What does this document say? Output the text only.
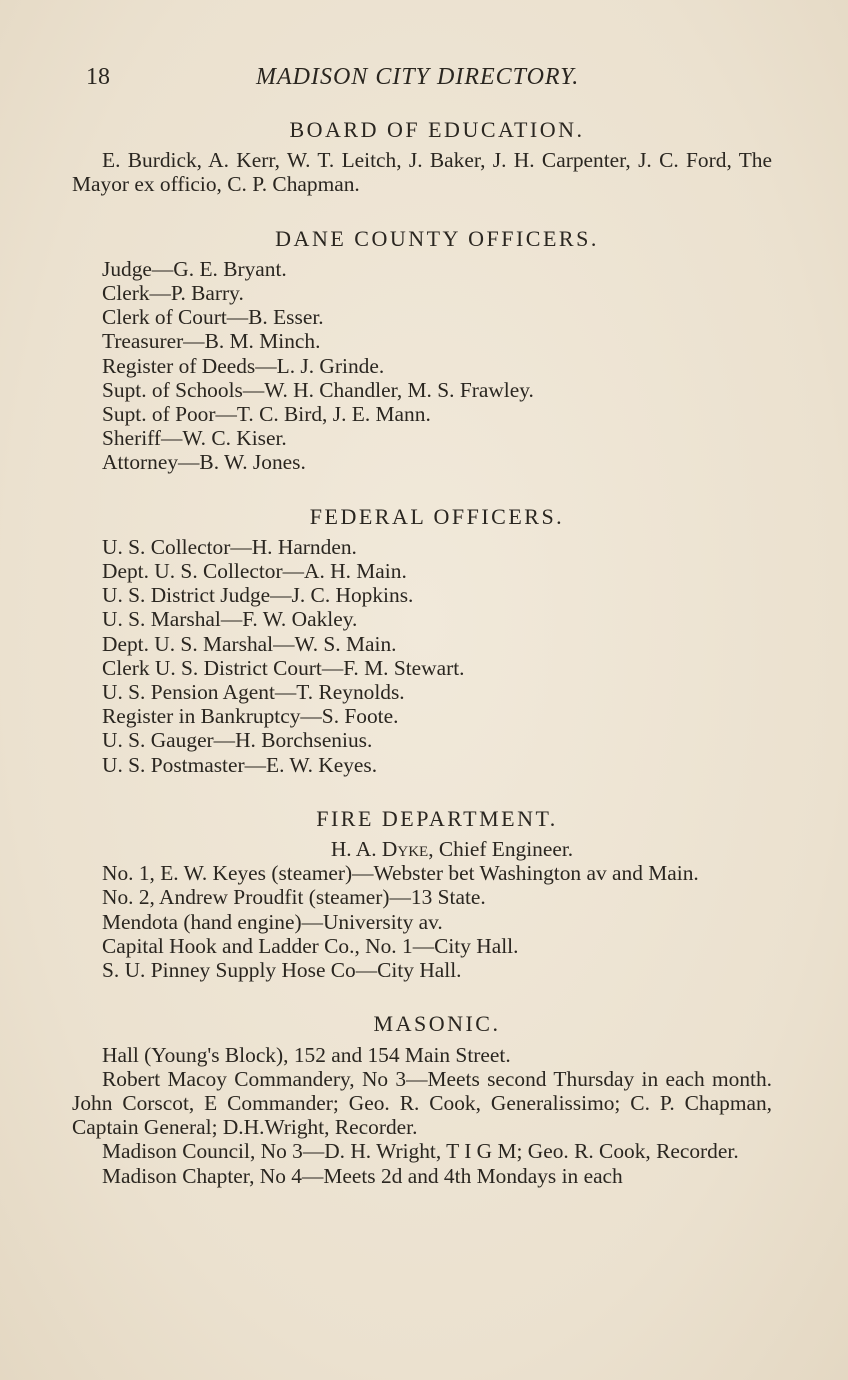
18	MADISON CITY DIRECTORY.
BOARD OF EDUCATION.

E. Burdick, A. Kerr, W. T. Leitch, J. Baker, J. H. Carpenter, J. C. Ford, The Mayor ex officio, C. P. Chapman.

DANE COUNTY OFFICERS.

Judge—G. E. Bryant.

Clerk—P. Barry.

Clerk of Court—B. Esser.

Treasurer—B. M. Minch.

Register of Deeds—L. J. Grinde.

Supt. of Schools—W. H. Chandler, M. S. Frawley.

Supt. of Poor—T. C. Bird, J. E. Mann.

Sheriff—W. C. Kiser.

Attorney—B. W. Jones.

FEDERAL OFFICERS.

U. S. Collector—H. Harnden.

Dept. U. S. Collector—A. H. Main.

U. S. District Judge—J. C. Hopkins.

U. S. Marshal—F. W. Oakley.

Dept. U. S. Marshal—W. S. Main.

Clerk U. S. District Court—F. M. Stewart.

U. S. Pension Agent—T. Reynolds.

Register in Bankruptcy—S. Foote.

U. S. Gauger—H. Borchsenius.

U. S. Postmaster—E. W. Keyes.

FIRE DEPARTMENT.

H. A. Dyke, Chief Engineer.

No. 1, E. W. Keyes (steamer)—Webster bet Washington av and Main.

No. 2, Andrew Proudfit (steamer)—13 State.

Mendota (hand engine)—University av.

Capital Hook and Ladder Co., No. 1—City Hall.

S. U. Pinney Supply Hose Co—City Hall.

MASONIC.

Hall (Young's Block), 152 and 154 Main Street.

Robert Macoy Commandery, No 3—Meets second Thursday in each month. John Corscot, E Commander; Geo. R. Cook, Generalissimo; C. P. Chapman, Captain General; D.H.Wright, Recorder.

Madison Council, No 3—D. H. Wright, T I G M; Geo. R. Cook, Recorder.

Madison Chapter, No 4—Meets 2d and 4th Mondays in each
